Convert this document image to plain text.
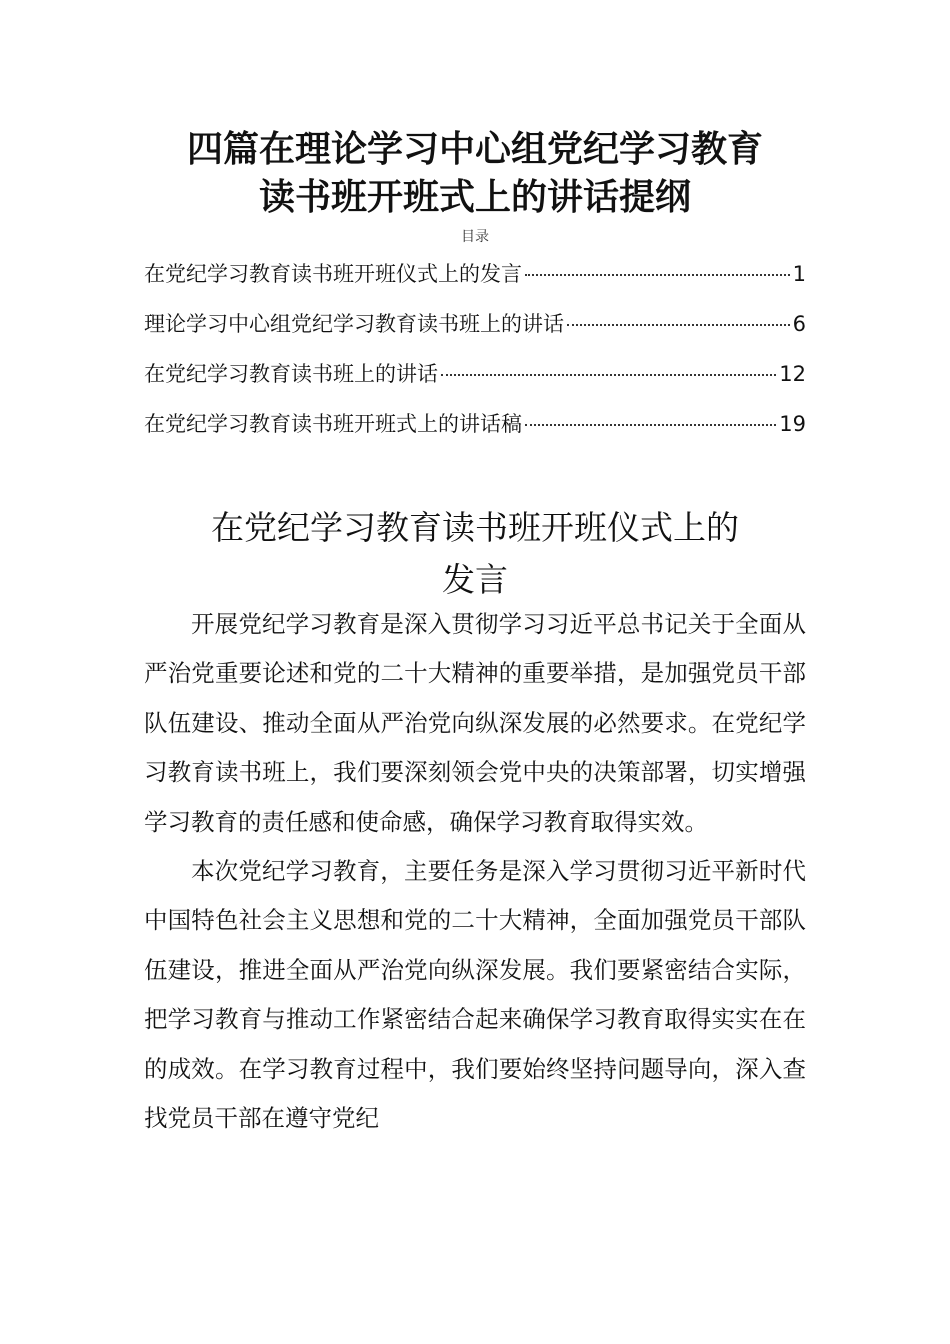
四篇在理论学习中心组党纪学习教育
读书班开班式上的讲话提纲
目录
在党纪学习教育读书班开班仪式上的发言	1
理论学习中心组党纪学习教育读书班上的讲话	6
在党纪学习教育读书班上的讲话	12
在党纪学习教育读书班开班式上的讲话稿	19
在党纪学习教育读书班开班仪式上的
发言

开展党纪学习教育是深入贯彻学习习近平总书记关于全面从严治党重要论述和党的二十大精神的重要举措，是加强党员干部队伍建设、推动全面从严治党向纵深发展的必然要求。在党纪学习教育读书班上，我们要深刻领会党中央的决策部署，切实增强学习教育的责任感和使命感，确保学习教育取得实效。

本次党纪学习教育，主要任务是深入学习贯彻习近平新时代中国特色社会主义思想和党的二十大精神，全面加强党员干部队伍建设，推进全面从严治党向纵深发展。我们要紧密结合实际，把学习教育与推动工作紧密结合起来确保学习教育取得实实在在的成效。在学习教育过程中，我们要始终坚持问题导向，深入查找党员干部在遵守党纪
